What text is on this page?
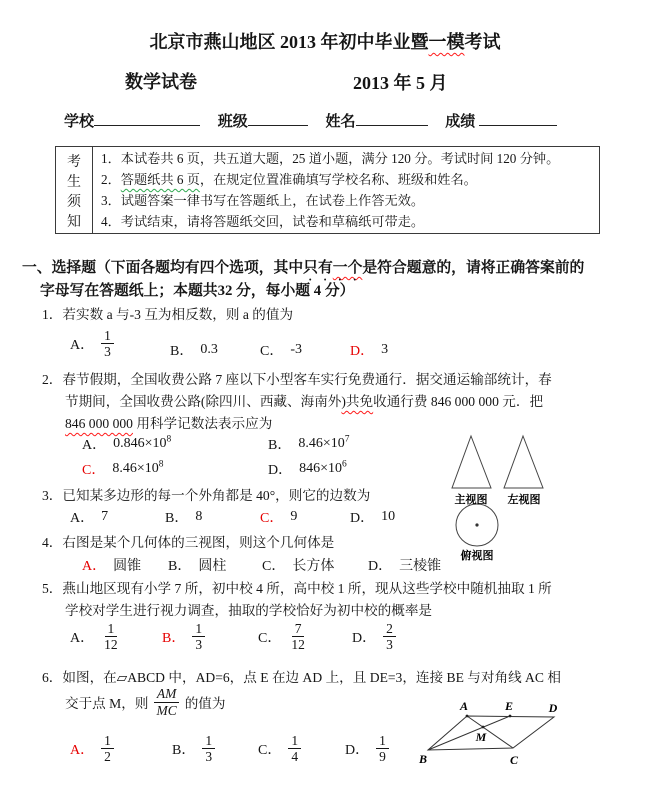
北京市燕山地区 2013 年初中毕业暨一模考试
数学试卷	2013 年 5 月
学校	班级	姓名	成绩
考
生
须
知
1．本试卷共 6 页，共五道大题，25 道小题，满分 120 分。考试时间 120 分钟。
2．答题纸共 6 页，在规定位置准确填写学校名称、班级和姓名。
3．试题答案一律书写在答题纸上，在试卷上作答无效。
4．考试结束，请将答题纸交回，试卷和草稿纸可带走。
一、选择题（下面各题均有四个选项，其中只有一个是符合题意的，请将正确答案前的
字母写在答题纸上；本题共32 分，每小题 4 分）
1．若实数 a 与-3 互为相反数，则 a 的值为
A． $\frac{1}{3}$	B． 0.3	C． -3	D． 3
2．春节假期，全国收费公路 7 座以下小型客车实行免费通行．据交通运输部统计，春
节期间，全国收费公路(除四川、西藏、海南外)共免收通行费 846 000 000 元．把
846 000 000 用科学记数法表示应为
A． $0.846\times 10^8$	B． $8.46\times 10^7$
C． $8.46\times 10^8$	D． $846\times 10^6$
主视图 左视图
俯视图
3．已知某多边形的每一个外角都是 40°，则它的边数为
A． 7	B． 8	C． 9	D． 10
4．右图是某个几何体的三视图，则这个几何体是
A． 圆锥 B． 圆柱	C． 长方体 D． 三棱锥
5．燕山地区现有小学 7 所，初中校 4 所，高中校 1 所，现从这些学校中随机抽取 1 所
学校对学生进行视力调查，抽取的学校恰好为初中校的概率是
A． $\frac{1}{12}$	B． $\frac{1}{3}$	C． $\frac{7}{12}$	D． $\frac{2}{3}$
6．如图，在▱ABCD 中，AD=6，点 E 在边 AD 上，且 DE=3，连接 BE 与对角线 AC 相
交于点 M，则 $\frac{AM}{MC}$ 的值为
A． $\frac{1}{2}$	B． $\frac{1}{3}$	C． $\frac{1}{4}$	D． $\frac{1}{9}$
A	E	D
B	C
M
